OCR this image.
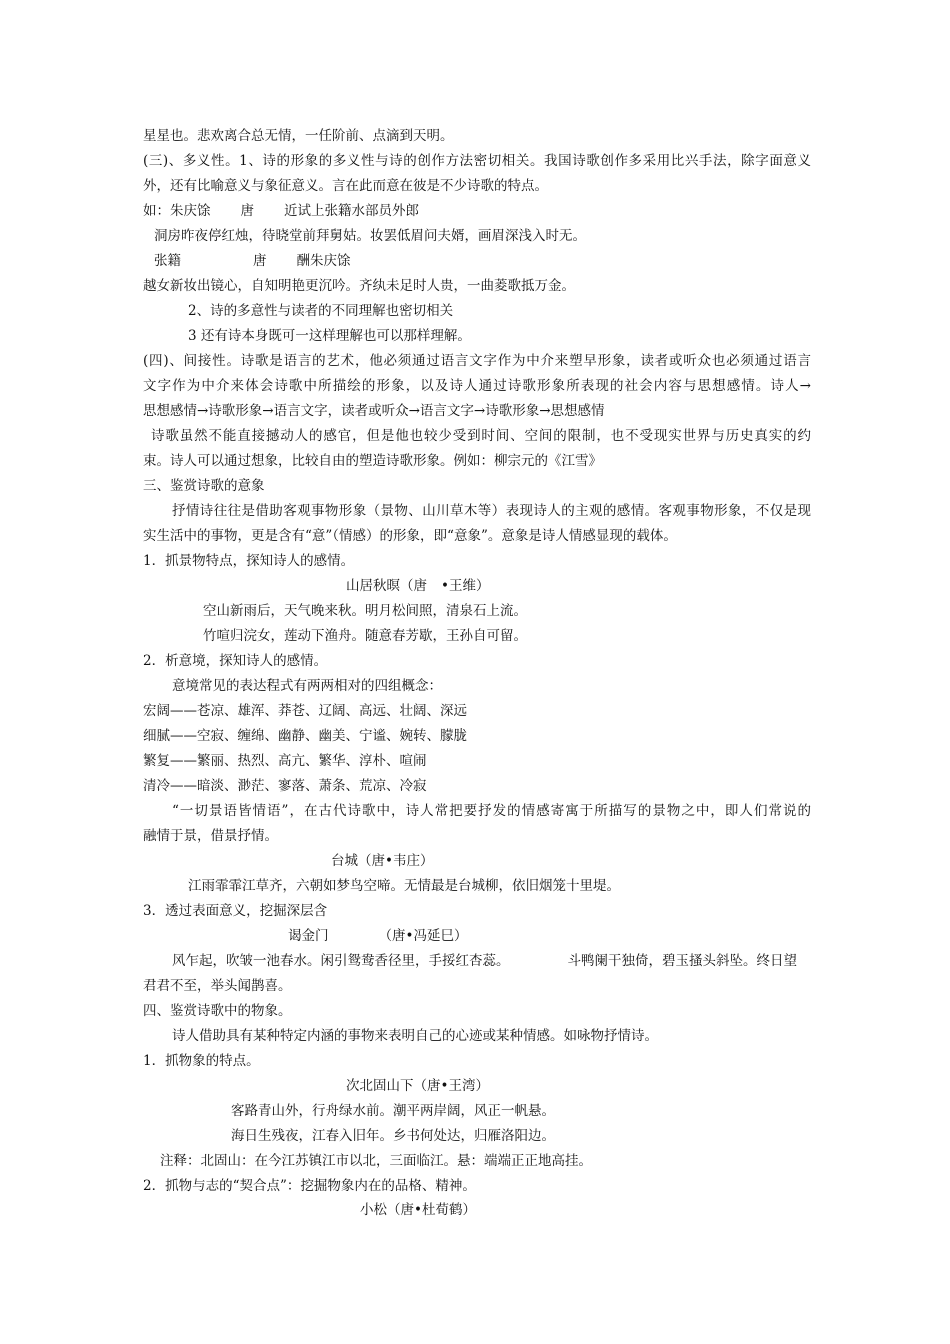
星星也。悲欢离合总无情，一任阶前、点滴到天明。
(三)、多义性。1、诗的形象的多义性与诗的创作方法密切相关。我国诗歌创作多采用比兴手法，除字面意义
外，还有比喻意义与象征意义。言在此而意在彼是不少诗歌的特点。
如：朱庆馀 唐 近试上张籍水部员外郎
洞房昨夜停红烛，待晓堂前拜舅姑。妆罢低眉问夫婿，画眉深浅入时无。
张籍	唐 酬朱庆馀
越女新妆出镜心，自知明艳更沉吟。齐纨未足时人贵，一曲菱歌抵万金。
2、诗的多意性与读者的不同理解也密切相关
3 还有诗本身既可一这样理解也可以那样理解。
(四)、间接性。诗歌是语言的艺术，他必须通过语言文字作为中介来塑早形象，读者或听众也必须通过语言
文字作为中介来体会诗歌中所描绘的形象，以及诗人通过诗歌形象所表现的社会内容与思想感情。诗人→
思想感情→诗歌形象→语言文字，读者或听众→语言文字→诗歌形象→思想感情
诗歌虽然不能直接撼动人的感官，但是他也较少受到时间、空间的限制，也不受现实世界与历史真实的约
束。诗人可以通过想象，比较自由的塑造诗歌形象。例如：柳宗元的《江雪》
三、鉴赏诗歌的意象
抒情诗往往是借助客观事物形象（景物、山川草木等）表现诗人的主观的感情。客观事物形象，不仅是现
实生活中的事物，更是含有“意”（情感）的形象，即“意象”。意象是诗人情感显现的载体。
1．抓景物特点，探知诗人的感情。
山居秋暝（唐 •王维）
空山新雨后，天气晚来秋。明月松间照，清泉石上流。
竹喧归浣女，莲动下渔舟。随意春芳歇，王孙自可留。
2．析意境，探知诗人的感情。
意境常见的表达程式有两两相对的四组概念：
宏阔——苍凉、雄浑、莽苍、辽阔、高远、壮阔、深远
细腻——空寂、缠绵、幽静、幽美、宁谧、婉转、朦胧
繁复——繁丽、热烈、高亢、繁华、淳朴、喧闹
清冷——暗淡、渺茫、寥落、萧条、荒凉、冷寂
“一切景语皆情语”，在古代诗歌中，诗人常把要抒发的情感寄寓于所描写的景物之中，即人们常说的
融情于景，借景抒情。
台城（唐•韦庄）
江雨霏霏江草齐，六朝如梦鸟空啼。无情最是台城柳，依旧烟笼十里堤。
3．透过表面意义，挖掘深层含
谒金门	（唐•冯延巳）
风乍起，吹皱一池春水。闲引鸳鸯香径里，手挼红杏蕊。	斗鸭阑干独倚，碧玉搔头斜坠。终日望
君君不至，举头闻鹊喜。
四、鉴赏诗歌中的物象。
诗人借助具有某种特定内涵的事物来表明自己的心迹或某种情感。如咏物抒情诗。
1．抓物象的特点。
次北固山下（唐•王湾）
客路青山外，行舟绿水前。潮平两岸阔，风正一帆悬。
海日生残夜，江春入旧年。乡书何处达，归雁洛阳边。
注释：北固山：在今江苏镇江市以北，三面临江。悬：端端正正地高挂。
2．抓物与志的“契合点”：挖掘物象内在的品格、精神。
小松（唐•杜荀鹤）
